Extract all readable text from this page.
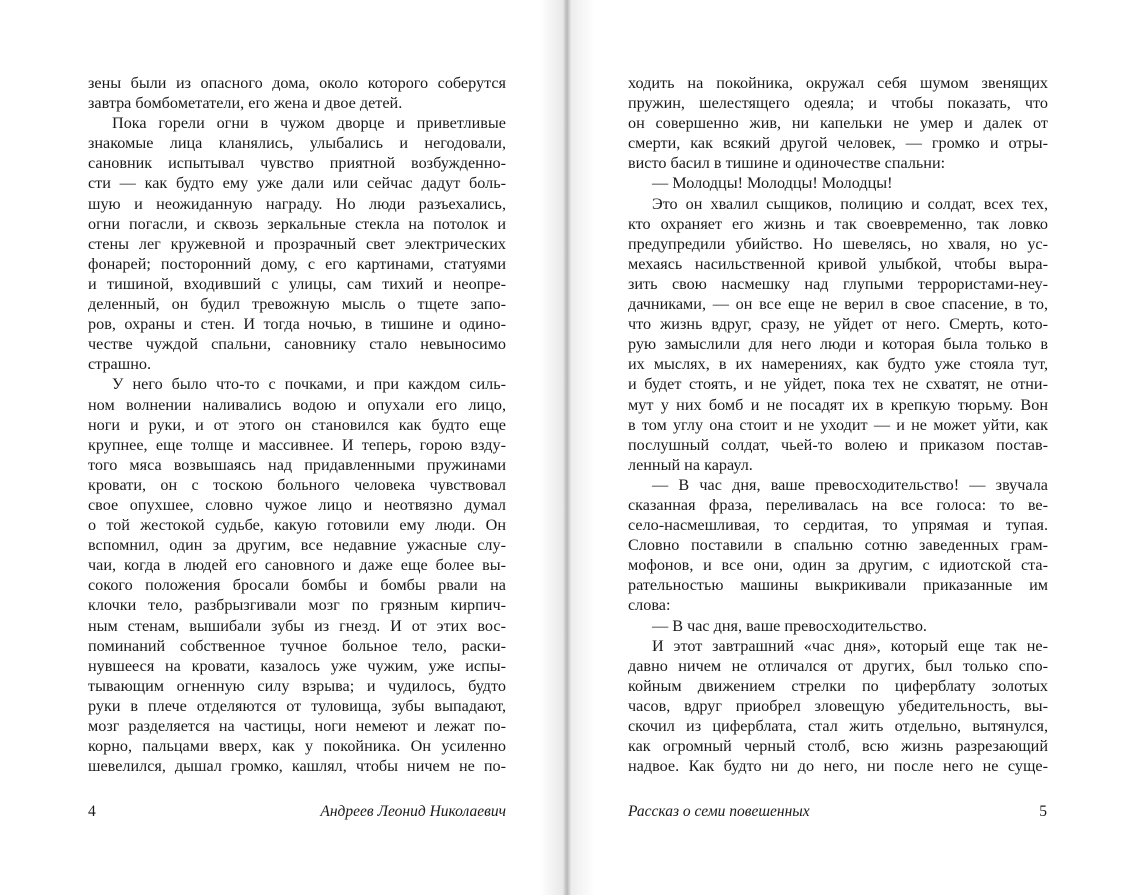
зены были из опасного дома, около которого соберутся
завтра бомбометатели, его жена и двое детей.
Пока горели огни в чужом дворце и приветливые
знакомые лица кланялись, улыбались и негодовали,
сановник испытывал чувство приятной возбужденно-
сти — как будто ему уже дали или сейчас дадут боль-
шую и неожиданную награду. Но люди разъехались,
огни погасли, и сквозь зеркальные стекла на потолок и
стены лег кружевной и прозрачный свет электрических
фонарей; посторонний дому, с его картинами, статуями
и тишиной, входивший с улицы, сам тихий и неопре-
деленный, он будил тревожную мысль о тщете запо-
ров, охраны и стен. И тогда ночью, в тишине и одино-
честве чуждой спальни, сановнику стало невыносимо
страшно.
У него было что-то с почками, и при каждом силь-
ном волнении наливались водою и опухали его лицо,
ноги и руки, и от этого он становился как будто еще
крупнее, еще толще и массивнее. И теперь, горою взду-
того мяса возвышаясь над придавленными пружинами
кровати, он с тоскою больного человека чувствовал
свое опухшее, словно чужое лицо и неотвязно думал
о той жестокой судьбе, какую готовили ему люди. Он
вспомнил, один за другим, все недавние ужасные слу-
чаи, когда в людей его сановного и даже еще более вы-
сокого положения бросали бомбы и бомбы рвали на
клочки тело, разбрызгивали мозг по грязным кирпич-
ным стенам, вышибали зубы из гнезд. И от этих вос-
поминаний собственное тучное больное тело, раски-
нувшееся на кровати, казалось уже чужим, уже испы-
тывающим огненную силу взрыва; и чудилось, будто
руки в плече отделяются от туловища, зубы выпадают,
мозг разделяется на частицы, ноги немеют и лежат по-
корно, пальцами вверх, как у покойника. Он усиленно
шевелился, дышал громко, кашлял, чтобы ничем не по-
4	Андреев Леонид Николаевич
ходить на покойника, окружал себя шумом звенящих
пружин, шелестящего одеяла; и чтобы показать, что
он совершенно жив, ни капельки не умер и далек от
смерти, как всякий другой человек, — громко и отры-
висто басил в тишине и одиночестве спальни:
— Молодцы! Молодцы! Молодцы!
Это он хвалил сыщиков, полицию и солдат, всех тех,
кто охраняет его жизнь и так своевременно, так ловко
предупредили убийство. Но шевелясь, но хваля, но ус-
мехаясь насильственной кривой улыбкой, чтобы выра-
зить свою насмешку над глупыми террористами-неу-
дачниками, — он все еще не верил в свое спасение, в то,
что жизнь вдруг, сразу, не уйдет от него. Смерть, кото-
рую замыслили для него люди и которая была только в
их мыслях, в их намерениях, как будто уже стояла тут,
и будет стоять, и не уйдет, пока тех не схватят, не отни-
мут у них бомб и не посадят их в крепкую тюрьму. Вон
в том углу она стоит и не уходит — и не может уйти, как
послушный солдат, чьей-то волею и приказом постав-
ленный на караул.
— В час дня, ваше превосходительство! — звучала
сказанная фраза, переливалась на все голоса: то ве-
село-насмешливая, то сердитая, то упрямая и тупая.
Словно поставили в спальню сотню заведенных грам-
мофонов, и все они, один за другим, с идиотской ста-
рательностью машины выкрикивали приказанные им
слова:
— В час дня, ваше превосходительство.
И этот завтрашний «час дня», который еще так не-
давно ничем не отличался от других, был только спо-
койным движением стрелки по циферблату золотых
часов, вдруг приобрел зловещую убедительность, вы-
скочил из циферблата, стал жить отдельно, вытянулся,
как огромный черный столб, всю жизнь разрезающий
надвое. Как будто ни до него, ни после него не суще-
Рассказ о семи повешенных	5
